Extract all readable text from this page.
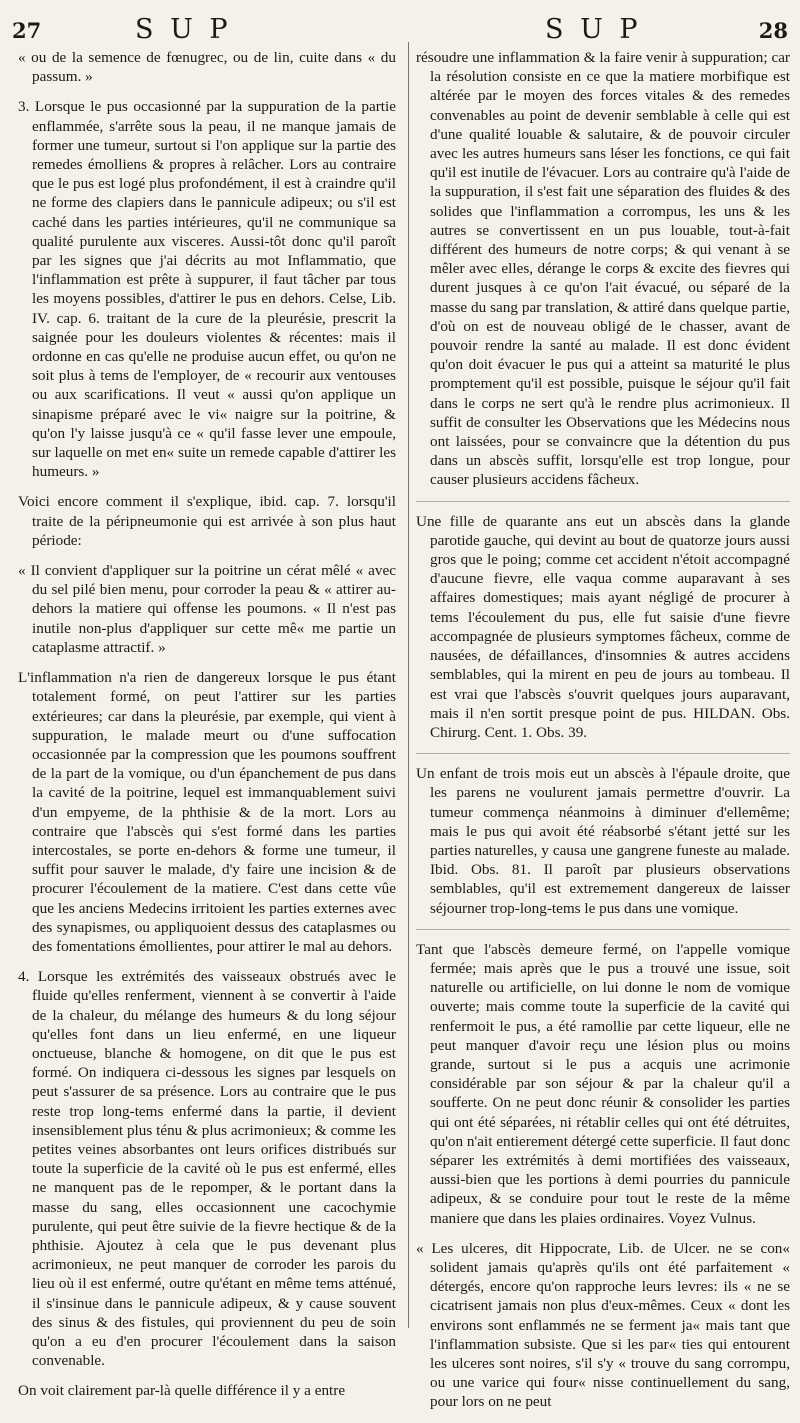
27	S U P	S U P	28

« ou de la semence de fœnugrec, ou de lin, cuite dans « du passum. »

3. Lorsque le pus occasionné par la suppuration de la partie enflammée, s'arrête sous la peau, il ne manque jamais de former une tumeur, surtout si l'on applique sur la partie des remedes émolliens & propres à relâcher. Lors au contraire que le pus est logé plus profondément, il est à craindre qu'il ne forme des clapiers dans le pannicule adipeux; ou s'il est caché dans les parties intérieures, qu'il ne communique sa qualité purulente aux visceres. Aussi-tôt donc qu'il paroît par les signes que j'ai décrits au mot Inflammatio, que l'inflammation est prête à suppurer, il faut tâcher par tous les moyens possibles, d'attirer le pus en dehors. Celse, Lib. IV. cap. 6. traitant de la cure de la pleurésie, prescrit la saignée pour les douleurs violentes & récentes: mais il ordonne en cas qu'elle ne produise aucun effet, ou qu'on ne soit plus à tems de l'employer, de « recourir aux ventouses ou aux scarifications. Il veut « aussi qu'on applique un sinapisme préparé avec le vi« naigre sur la poitrine, & qu'on l'y laisse jusqu'à ce « qu'il fasse lever une empoule, sur laquelle on met en« suite un remede capable d'attirer les humeurs. »

Voici encore comment il s'explique, ibid. cap. 7. lorsqu'il traite de la péripneumonie qui est arrivée à son plus haut période:

« Il convient d'appliquer sur la poitrine un cérat mêlé « avec du sel pilé bien menu, pour corroder la peau & « attirer au-dehors la matiere qui offense les poumons. « Il n'est pas inutile non-plus d'appliquer sur cette mê« me partie un cataplasme attractif. »

L'inflammation n'a rien de dangereux lorsque le pus étant totalement formé, on peut l'attirer sur les parties extérieures; car dans la pleurésie, par exemple, qui vient à suppuration, le malade meurt ou d'une suffocation occasionnée par la compression que les poumons souffrent de la part de la vomique, ou d'un épanchement de pus dans la cavité de la poitrine, lequel est immanquablement suivi d'un empyeme, de la phthisie & de la mort. Lors au contraire que l'abscès qui s'est formé dans les parties intercostales, se porte en-dehors & forme une tumeur, il suffit pour sauver le malade, d'y faire une incision & de procurer l'écoulement de la matiere. C'est dans cette vûe que les anciens Medecins irritoient les parties externes avec des synapismes, ou appliquoient dessus des cataplasmes ou des fomentations émollientes, pour attirer le mal au dehors.

4. Lorsque les extrémités des vaisseaux obstrués avec le fluide qu'elles renferment, viennent à se convertir à l'aide de la chaleur, du mélange des humeurs & du long séjour qu'elles font dans un lieu enfermé, en une liqueur onctueuse, blanche & homogene, on dit que le pus est formé. On indiquera ci-dessous les signes par lesquels on peut s'assurer de sa présence. Lors au contraire que le pus reste trop long-tems enfermé dans la partie, il devient insensiblement plus ténu & plus acrimonieux; & comme les petites veines absorbantes ont leurs orifices distribués sur toute la superficie de la cavité où le pus est enfermé, elles ne manquent pas de le repomper, & le portant dans la masse du sang, elles occasionnent une cacochymie purulente, qui peut être suivie de la fievre hectique & de la phthisie. Ajoutez à cela que le pus devenant plus acrimonieux, ne peut manquer de corroder les parois du lieu où il est enfermé, outre qu'étant en même tems atténué, il s'insinue dans le pannicule adipeux, & y cause souvent des sinus & des fistules, qui proviennent du peu de soin qu'on a eu d'en procurer l'écoulement dans la saison convenable.

On voit clairement par-là quelle différence il y a entre

résoudre une inflammation & la faire venir à suppuration; car la résolution consiste en ce que la matiere morbifique est altérée par le moyen des forces vitales & des remedes convenables au point de devenir semblable à celle qui est d'une qualité louable & salutaire, & de pouvoir circuler avec les autres humeurs sans léser les fonctions, ce qui fait qu'il est inutile de l'évacuer. Lors au contraire qu'à l'aide de la suppuration, il s'est fait une séparation des fluides & des solides que l'inflammation a corrompus, les uns & les autres se convertissent en un pus louable, tout-à-fait différent des humeurs de notre corps; & qui venant à se mêler avec elles, dérange le corps & excite des fievres qui durent jusques à ce qu'on l'ait évacué, ou séparé de la masse du sang par translation, & attiré dans quelque partie, d'où on est de nouveau obligé de le chasser, avant de pouvoir rendre la santé au malade. Il est donc évident qu'on doit évacuer le pus qui a atteint sa maturité le plus promptement qu'il est possible, puisque le séjour qu'il fait dans le corps ne sert qu'à le rendre plus acrimonieux. Il suffit de consulter les Observations que les Médecins nous ont laissées, pour se convaincre que la détention du pus dans un abscès suffit, lorsqu'elle est trop longue, pour causer plusieurs accidens fâcheux.

Une fille de quarante ans eut un abscès dans la glande parotide gauche, qui devint au bout de quatorze jours aussi gros que le poing; comme cet accident n'étoit accompagné d'aucune fievre, elle vaqua comme auparavant à ses affaires domestiques; mais ayant négligé de procurer à tems l'écoulement du pus, elle fut saisie d'une fievre accompagnée de plusieurs symptomes fâcheux, comme de nausées, de défaillances, d'insomnies & autres accidens semblables, qui la mirent en peu de jours au tombeau. Il est vrai que l'abscès s'ouvrit quelques jours auparavant, mais il n'en sortit presque point de pus. HILDAN. Obs. Chirurg. Cent. 1. Obs. 39.

Un enfant de trois mois eut un abscès à l'épaule droite, que les parens ne voulurent jamais permettre d'ouvrir. La tumeur commença néanmoins à diminuer d'ellemême; mais le pus qui avoit été réabsorbé s'étant jetté sur les parties naturelles, y causa une gangrene funeste au malade. Ibid. Obs. 81. Il paroît par plusieurs observations semblables, qu'il est extremement dangereux de laisser séjourner trop-long-tems le pus dans une vomique.

Tant que l'abscès demeure fermé, on l'appelle vomique fermée; mais après que le pus a trouvé une issue, soit naturelle ou artificielle, on lui donne le nom de vomique ouverte; mais comme toute la superficie de la cavité qui renfermoit le pus, a été ramollie par cette liqueur, elle ne peut manquer d'avoir reçu une lésion plus ou moins grande, surtout si le pus a acquis une acrimonie considérable par son séjour & par la chaleur qu'il a soufferte. On ne peut donc réunir & consolider les parties qui ont été séparées, ni rétablir celles qui ont été détruites, qu'on n'ait entierement détergé cette superficie. Il faut donc séparer les extrémités à demi mortifiées des vaisseaux, aussi-bien que les portions à demi pourries du pannicule adipeux, & se conduire pour tout le reste de la même maniere que dans les plaies ordinaires. Voyez Vulnus.

« Les ulceres, dit Hippocrate, Lib. de Ulcer. ne se con« solident jamais qu'après qu'ils ont été parfaitement « détergés, encore qu'on rapproche leurs levres: ils « ne se cicatrisent jamais non plus d'eux-mêmes. Ceux « dont les environs sont enflammés ne se ferment ja« mais tant que l'inflammation subsiste. Que si les par« ties qui entourent les ulceres sont noires, s'il s'y « trouve du sang corrompu, ou une varice qui four« nisse continuellement du sang, pour lors on ne peut
